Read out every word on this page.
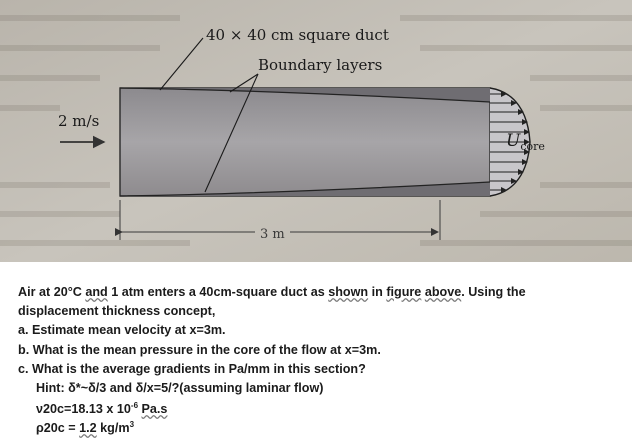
40 × 40 cm square duct
Boundary layers
2 m/s
$U_{core}$
3 m
Air at 20°C and 1 atm enters a 40cm-square duct as shown in figure above. Using the
displacement thickness concept,
a. Estimate mean velocity at x=3m.
b. What is the mean pressure in the core of the flow at x=3m.
c. What is the average gradients in Pa/mm in this section?
Hint: δ*~δ/3 and δ/x=5/?(assuming laminar flow)
ν20c=18.13 x $10^{-6}$ Pa.s
ρ20c = 1.2 $kg/m^3$
